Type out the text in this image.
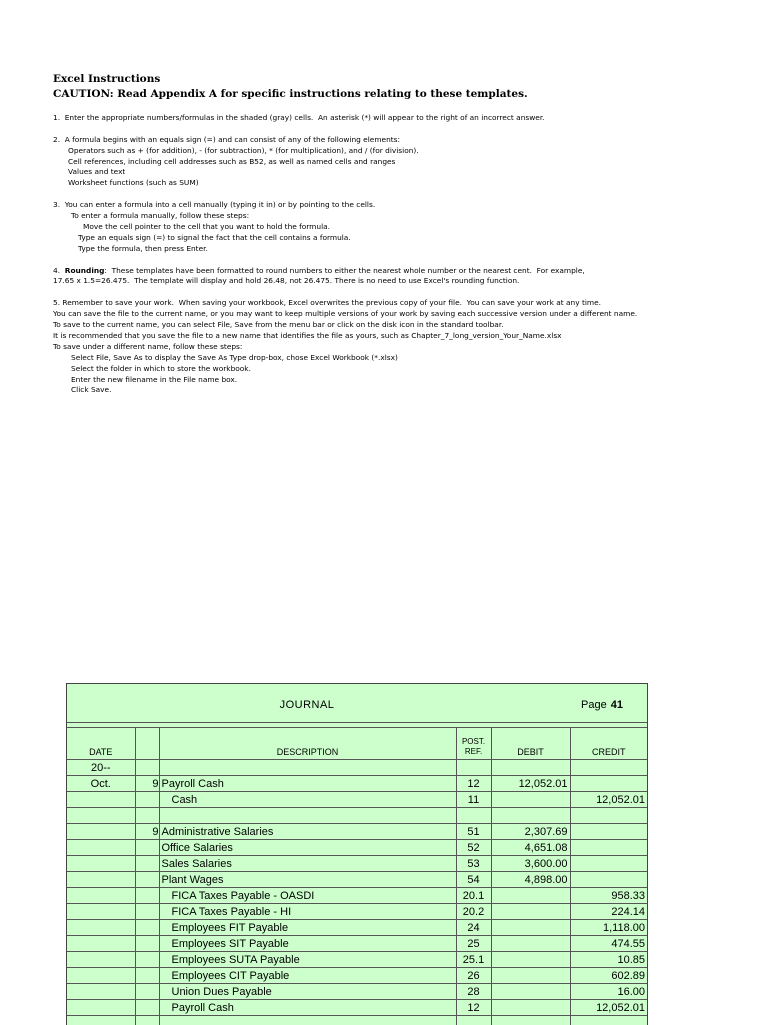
Excel Instructions
CAUTION: Read Appendix A for specific instructions relating to these templates.
1.  Enter the appropriate numbers/formulas in the shaded (gray) cells.  An asterisk (*) will appear to the right of an incorrect answer.
2.  A formula begins with an equals sign (=) and can consist of any of the following elements:
Operators such as + (for addition), - (for subtraction), * (for multiplication), and / (for division).
Cell references, including cell addresses such as B52, as well as named cells and ranges
Values and text
Worksheet functions (such as SUM)
3.  You can enter a formula into a cell manually (typing it in) or by pointing to the cells.
To enter a formula manually, follow these steps:
Move the cell pointer to the cell that you want to hold the formula.
Type an equals sign (=) to signal the fact that the cell contains a formula.
Type the formula, then press Enter.
4.  Rounding:  These templates have been formatted to round numbers to either the nearest whole number or the nearest cent.  For example,
17.65 x 1.5=26.475.  The template will display and hold 26.48, not 26.475. There is no need to use Excel's rounding function.
5. Remember to save your work.  When saving your workbook, Excel overwrites the previous copy of your file.  You can save your work at any time.
You can save the file to the current name, or you may want to keep multiple versions of your work by saving each successive version under a different name.
To save to the current name, you can select File, Save from the menu bar or click on the disk icon in the standard toolbar.
It is recommended that you save the file to a new name that identifies the file as yours, such as Chapter_7_long_version_Your_Name.xlsx
To save under a different name, follow these steps:
Select File, Save As to display the Save As Type drop-box, chose Excel Workbook (*.xlsx)
Select the folder in which to store the workbook.
Enter the new filename in the File name box.
Click Save.
JOURNAL	Page 41
DATE		DESCRIPTION	POST. REF.	DEBIT	CREDIT
20--					
Oct.	9	Payroll Cash	12	12,052.01	
		Cash	11		12,052.01

	9	Administrative Salaries	51	2,307.69	
		Office Salaries	52	4,651.08	
		Sales Salaries	53	3,600.00	
		Plant Wages	54	4,898.00	
		FICA Taxes Payable - OASDI	20.1		958.33
		FICA Taxes Payable - HI	20.2		224.14
		Employees FIT Payable	24		1,118.00
		Employees SIT Payable	25		474.55
		Employees SUTA Payable	25.1		10.85
		Employees CIT Payable	26		602.89
		Union Dues Payable	28		16.00
		Payroll Cash	12		12,052.01
